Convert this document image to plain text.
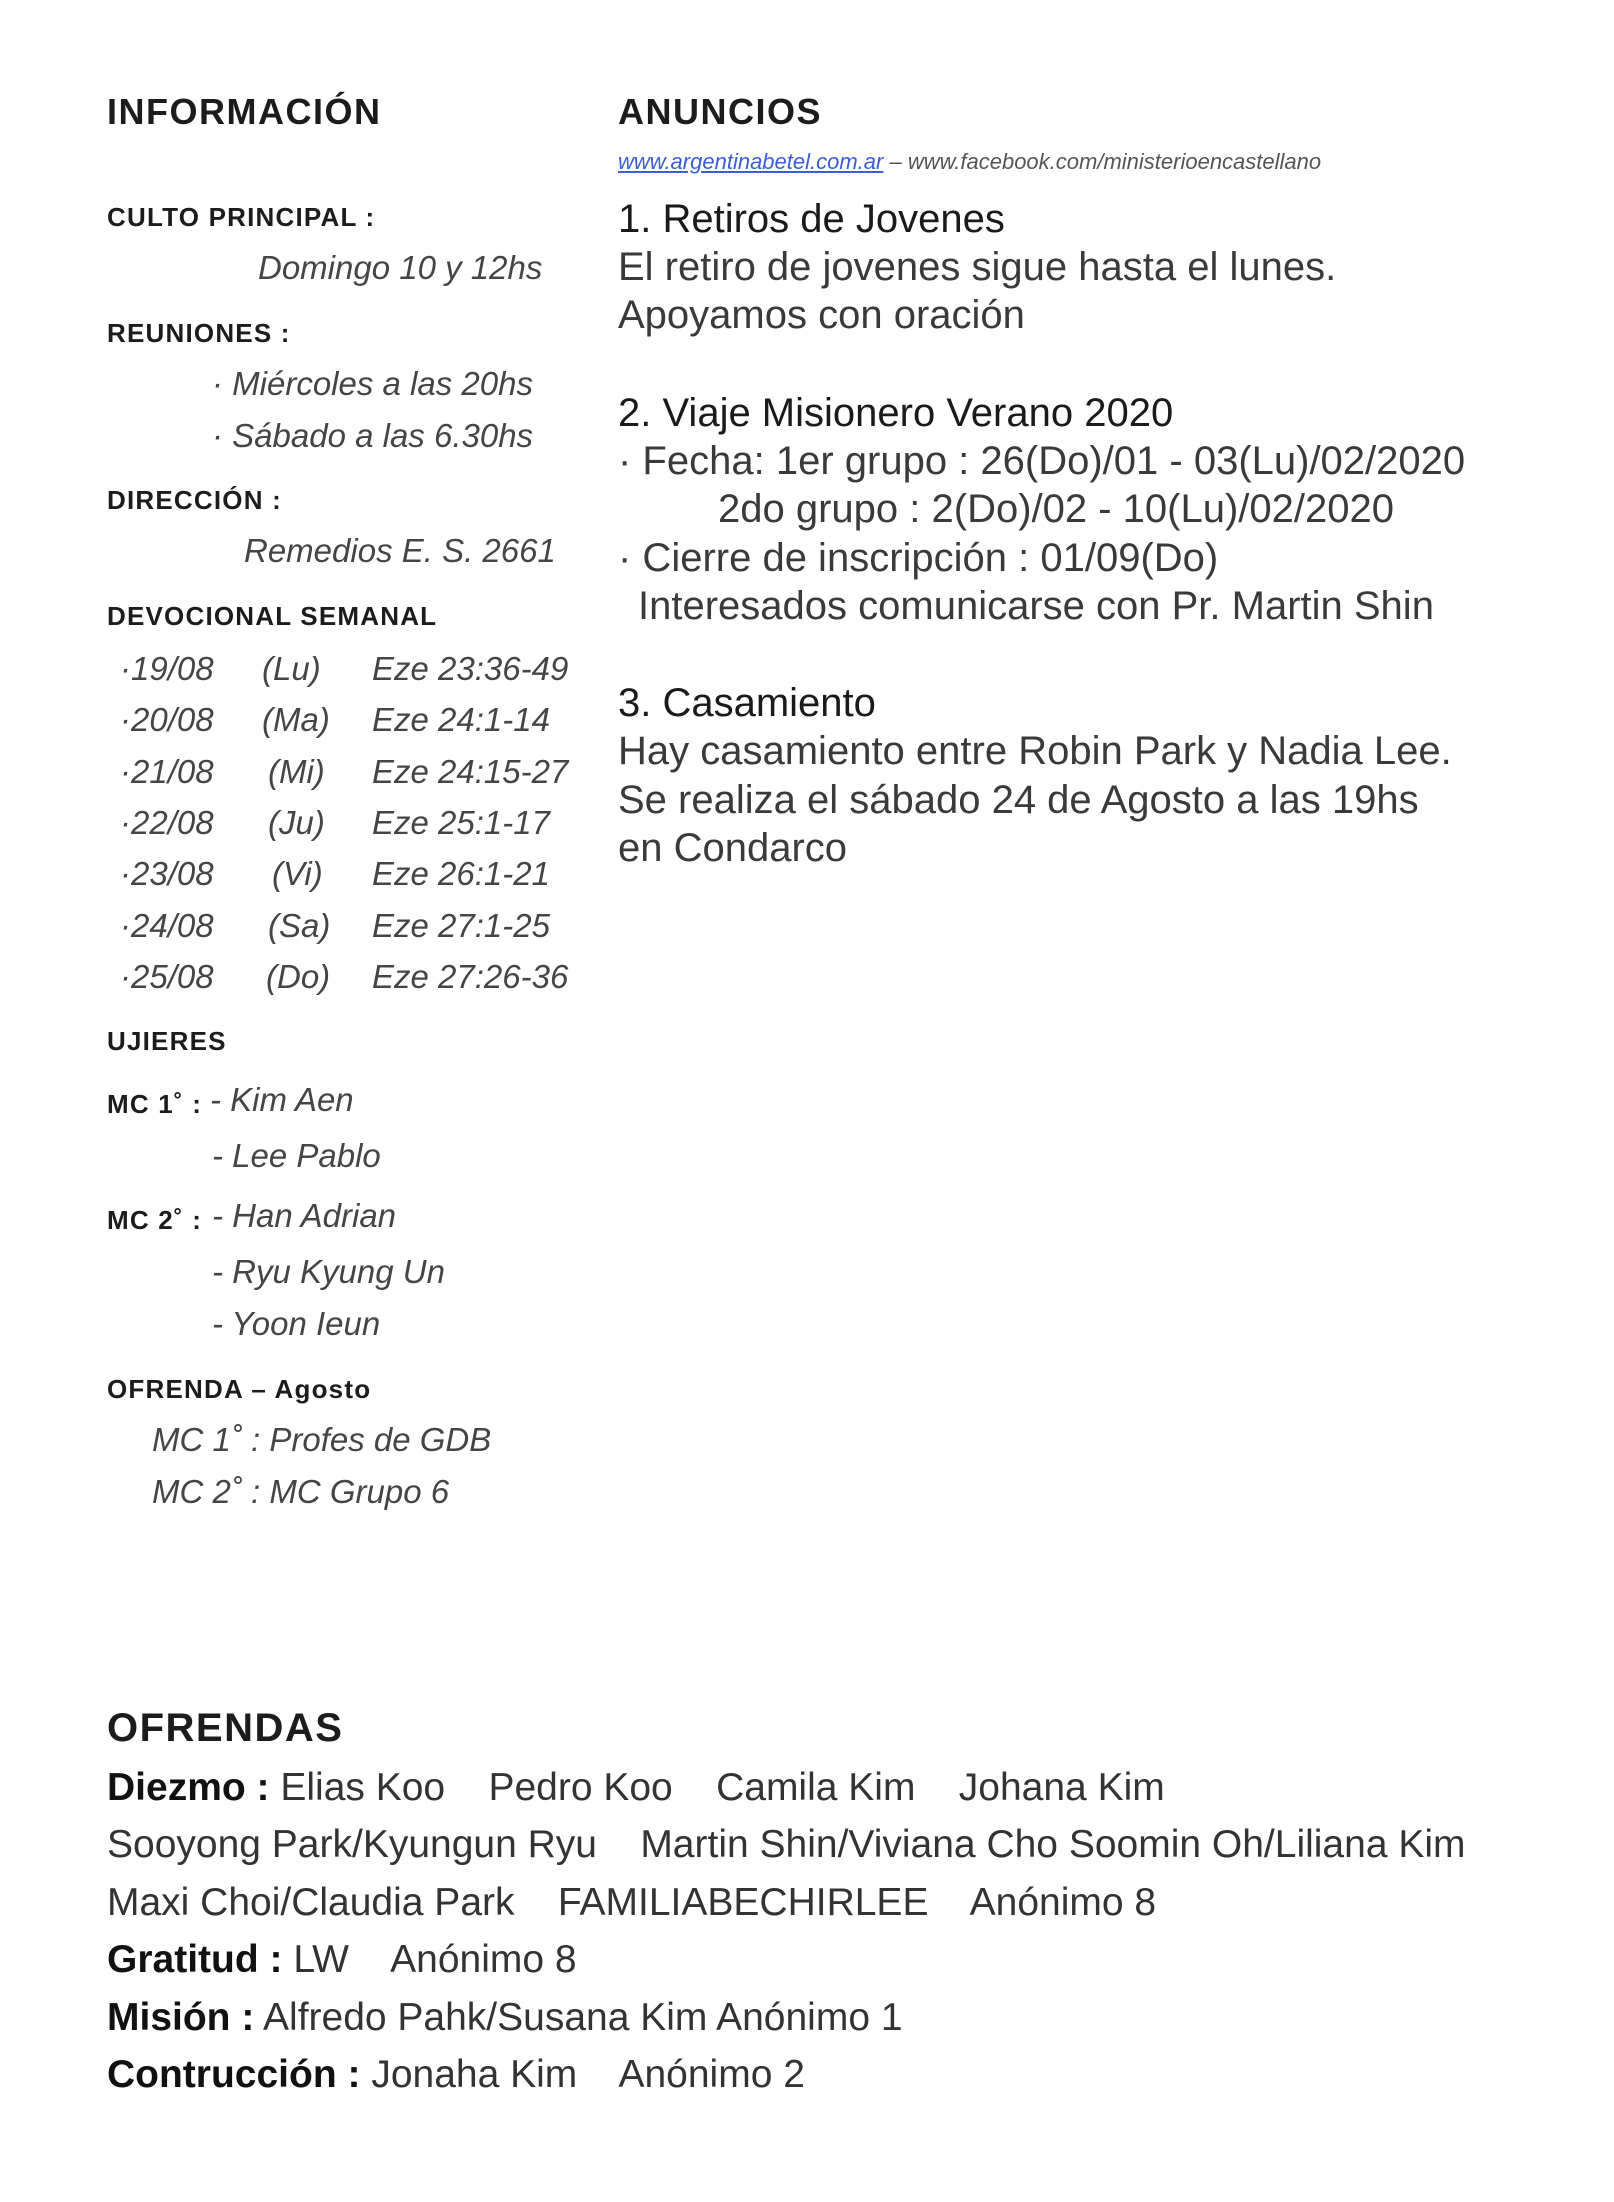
INFORMACIÓN
CULTO PRINCIPAL :
Domingo 10 y 12hs
REUNIONES :
· Miércoles a las 20hs
· Sábado a las 6.30hs
DIRECCIÓN :
Remedios E. S. 2661
DEVOCIONAL SEMANAL
·19/08 (Lu) Eze 23:36-49
·20/08 (Ma) Eze 24:1-14
·21/08 (Mi) Eze 24:15-27
·22/08 (Ju) Eze 25:1-17
·23/08 (Vi) Eze 26:1-21
·24/08 (Sa) Eze 27:1-25
·25/08 (Do) Eze 27:26-36
UJIERES
MC 1˚ : - Kim Aen
- Lee Pablo
MC 2˚ : - Han Adrian
- Ryu Kyung Un
- Yoon Ieun
OFRENDA – Agosto
MC 1˚ : Profes de GDB
MC 2˚ : MC Grupo 6
ANUNCIOS
www.argentinabetel.com.ar – www.facebook.com/ministerioencastellano
1. Retiros de Jovenes
El retiro de jovenes sigue hasta el lunes.
Apoyamos con oración
2. Viaje Misionero Verano 2020
· Fecha: 1er grupo : 26(Do)/01 - 03(Lu)/02/2020
2do grupo : 2(Do)/02 - 10(Lu)/02/2020
· Cierre de inscripción : 01/09(Do)
Interesados comunicarse con Pr. Martin Shin
3. Casamiento
Hay casamiento entre Robin Park y Nadia Lee.
Se realiza el sábado 24 de Agosto a las 19hs
en Condarco
OFRENDAS
Diezmo : Elias Koo    Pedro Koo    Camila Kim    Johana Kim
Sooyong Park/Kyungun Ryu    Martin Shin/Viviana Cho Soomin Oh/Liliana Kim
Maxi Choi/Claudia Park    FAMILIABECHIRLEE    Anónimo 8
Gratitud : LW    Anónimo 8
Misión : Alfredo Pahk/Susana Kim Anónimo 1
Contrucción : Jonaha Kim    Anónimo 2
